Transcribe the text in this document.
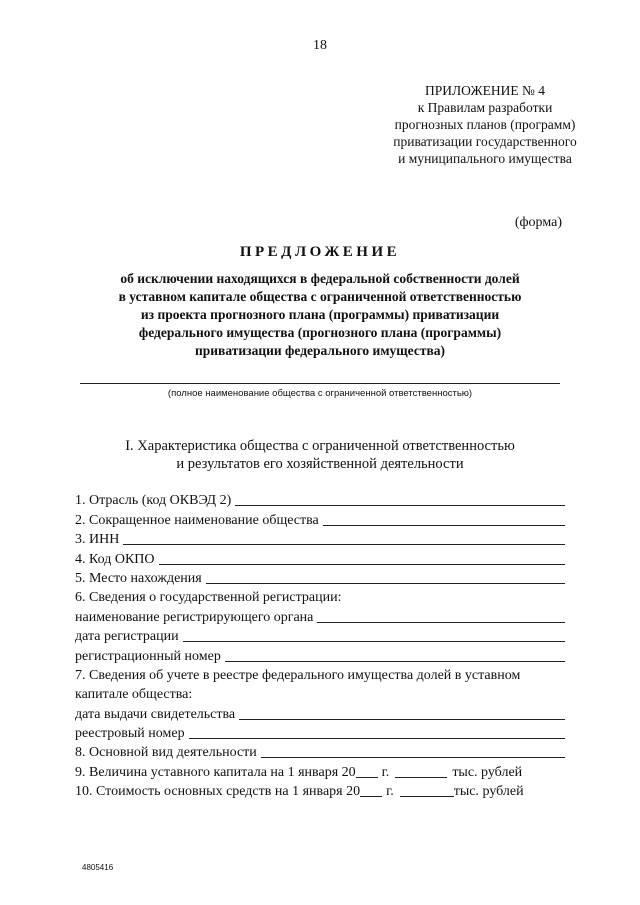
18
ПРИЛОЖЕНИЕ № 4
к Правилам разработки
прогнозных планов (программ)
приватизации государственного
и муниципального имущества
(форма)
ПРЕДЛОЖЕНИЕ
об исключении находящихся в федеральной собственности долей
в уставном капитале общества с ограниченной ответственностью
из проекта прогнозного плана (программы) приватизации
федерального имущества (прогнозного плана (программы)
приватизации федерального имущества)
(полное наименование общества с ограниченной ответственностью)
I. Характеристика общества с ограниченной ответственностью
и результатов его хозяйственной деятельности
1. Отрасль (код ОКВЭД 2)
2. Сокращенное наименование общества
3. ИНН
4. Код ОКПО
5. Место нахождения
6. Сведения о государственной регистрации:
наименование регистрирующего органа
дата регистрации
регистрационный номер
7. Сведения об учете в реестре федерального имущества долей в уставном
капитале общества:
дата выдачи свидетельства
реестровый номер
8. Основной вид деятельности
9. Величина уставного капитала на 1 января 20 г.	тыс. рублей
10. Стоимость основных средств на 1 января 20 г.	тыс. рублей
4805416
